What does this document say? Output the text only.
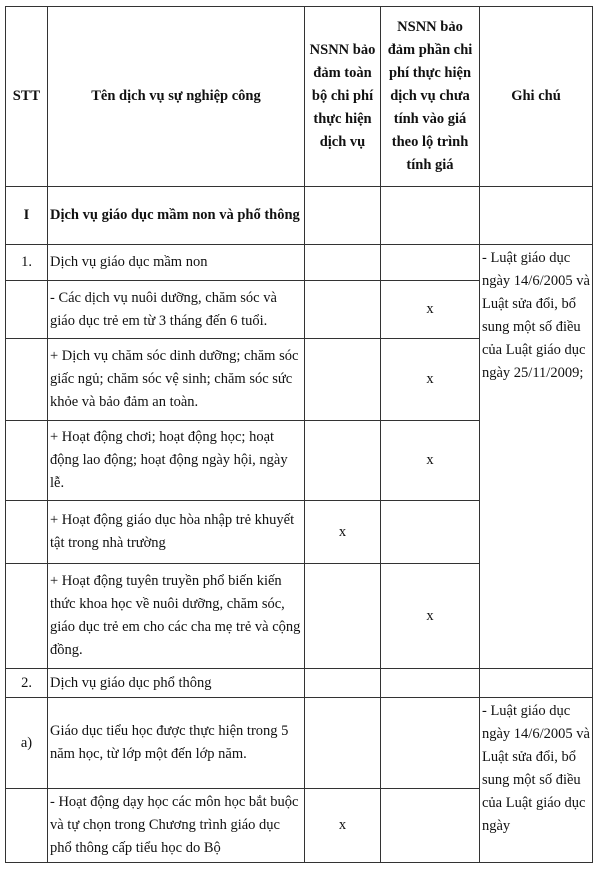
STT	Tên dịch vụ sự nghiệp công	NSNN bảo đảm toàn bộ chi phí thực hiện dịch vụ	NSNN bảo đảm phần chi phí thực hiện dịch vụ chưa tính vào giá theo lộ trình tính giá	Ghi chú
I	Dịch vụ giáo dục mầm non và phổ thông			
1.	Dịch vụ giáo dục mầm non			- Luật giáo dục ngày 14/6/2005 và Luật sửa đổi, bổ sung một số điều của Luật giáo dục ngày 25/11/2009;
	- Các dịch vụ nuôi dưỡng, chăm sóc và giáo dục trẻ em từ 3 tháng đến 6 tuổi.		x	
	+ Dịch vụ chăm sóc dinh dưỡng; chăm sóc giấc ngủ; chăm sóc vệ sinh; chăm sóc sức khỏe và bảo đảm an toàn.		x	
	+ Hoạt động chơi; hoạt động học; hoạt động lao động; hoạt động ngày hội, ngày lễ.		x	
	+ Hoạt động giáo dục hòa nhập trẻ khuyết tật trong nhà trường	x		
	+ Hoạt động tuyên truyền phổ biến kiến thức khoa học về nuôi dưỡng, chăm sóc, giáo dục trẻ em cho các cha mẹ trẻ và cộng đồng.		x	
2.	Dịch vụ giáo dục phổ thông			
a)	Giáo dục tiểu học được thực hiện trong 5 năm học, từ lớp một đến lớp năm.			- Luật giáo dục ngày 14/6/2005 và Luật sửa đổi, bổ sung một số điều của Luật giáo dục ngày
	- Hoạt động dạy học các môn học bắt buộc và tự chọn trong Chương trình giáo dục phổ thông cấp tiểu học do Bộ	x		
